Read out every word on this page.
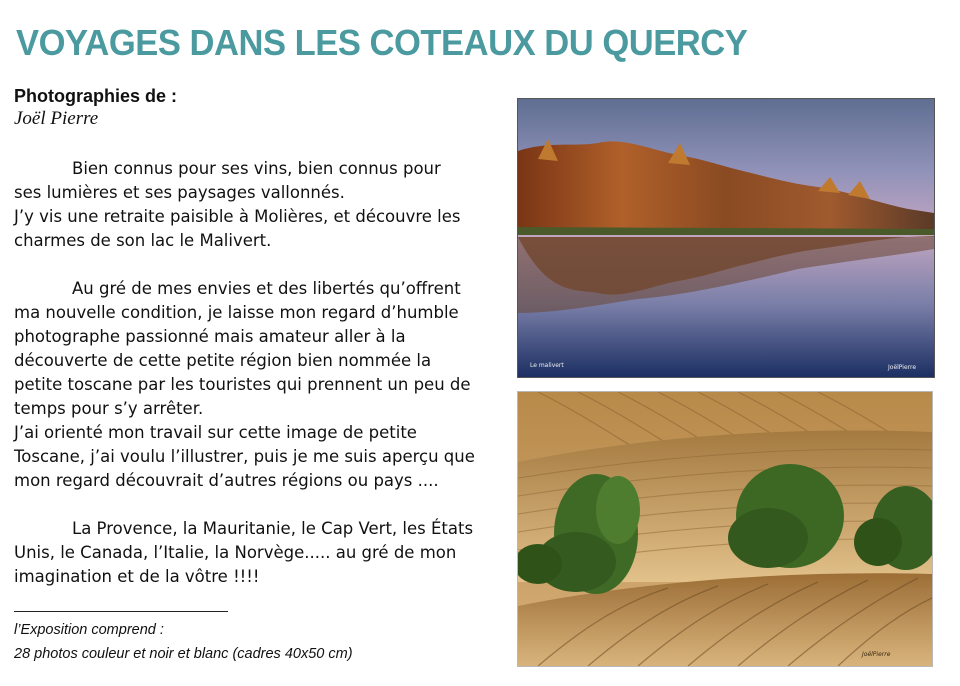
VOYAGES DANS LES COTEAUX DU QUERCY
Photographies de :
Joël Pierre

Bien connus pour ses vins, bien connus pour
ses lumières et ses paysages vallonnés.
J’y vis une retraite paisible à Molières, et découvre les
charmes de son lac le Malivert.

Au gré de mes envies et des libertés qu’offrent
ma nouvelle condition, je laisse mon regard d’humble
photographe passionné mais amateur aller à la
découverte de cette petite région bien nommée la
petite toscane par les touristes qui prennent un peu de
temps pour s’y arrêter.
J’ai orienté mon travail sur cette image de petite
Toscane, j’ai voulu l’illustrer, puis je me suis aperçu que
mon regard découvrait d’autres régions ou pays ....

La Provence, la Mauritanie, le Cap Vert, les États
Unis, le Canada, l’Italie, la Norvège..... au gré de mon
imagination et de la vôtre !!!!

l’Exposition comprend :
28 photos couleur et noir et blanc (cadres 40x50 cm)
Le malivert	JoëlPierre
JoëlPierre
